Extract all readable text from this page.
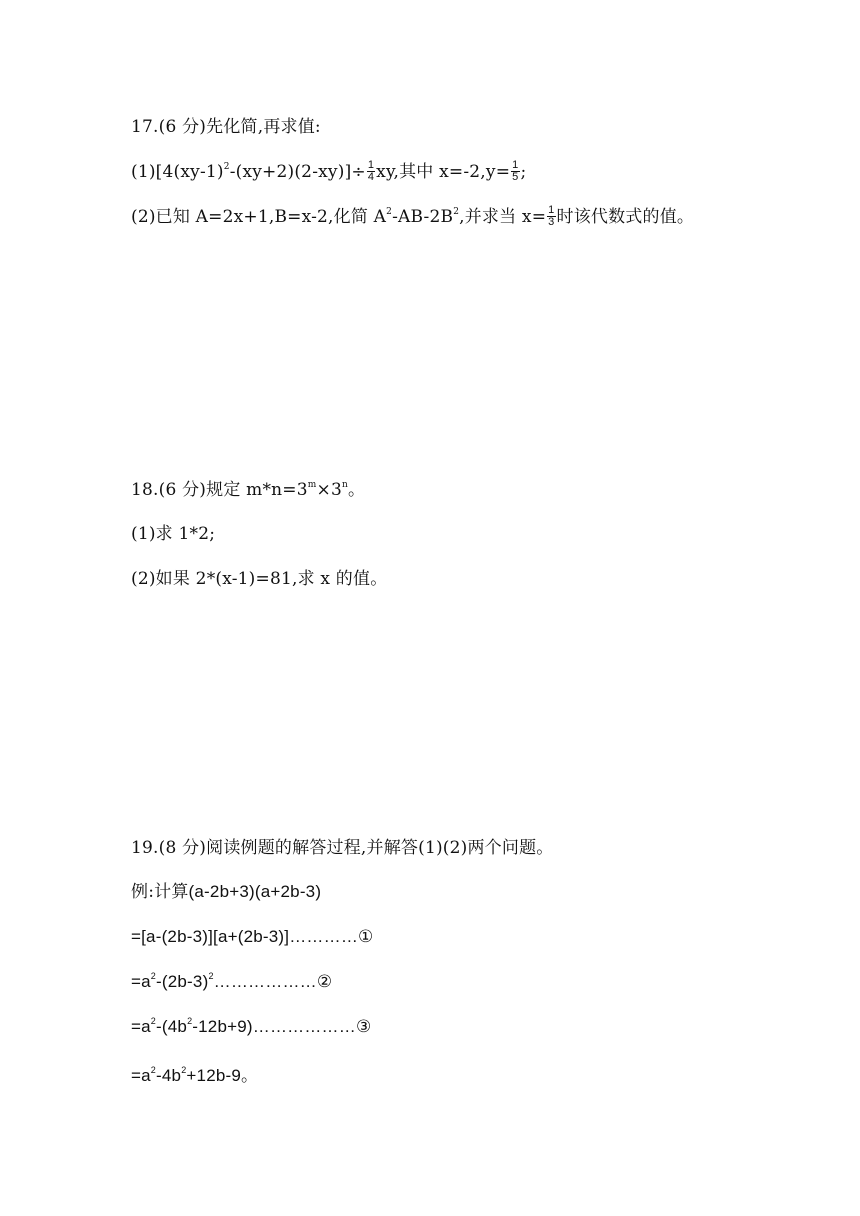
17.(6 分)先化简,再求值:
$(1)[4(xy-1)^2-(xy+2)(2-xy)]\div \frac{1}{4}$ xy,其中 $x=-2,y= \frac{1}{5}$ ;
(2)已知 A=2x+1,B=x-2,化简 $A^2-AB-2B^2$,并求当 $x= \frac{1}{3}$ 时该代数式的值。
18.(6 分)规定 $m*n=3^m\times 3^n$。
(1)求 1*2;
(2)如果 2*(x-1)=81,求 x 的值。
19.(8 分)阅读例题的解答过程,并解答(1)(2)两个问题。
例:计算(a-2b+3)(a+2b-3)
=[a-(2b-3)][a+(2b-3)]…………①
$=a^2-(2b-3)^2\dots\dots\dots\dots\dots\dots ②$
$=a^2-(4b^2-12b+9)\dots\dots\dots\dots\dots\dots ③$
$=a^2-4b^2+12b-9$。
